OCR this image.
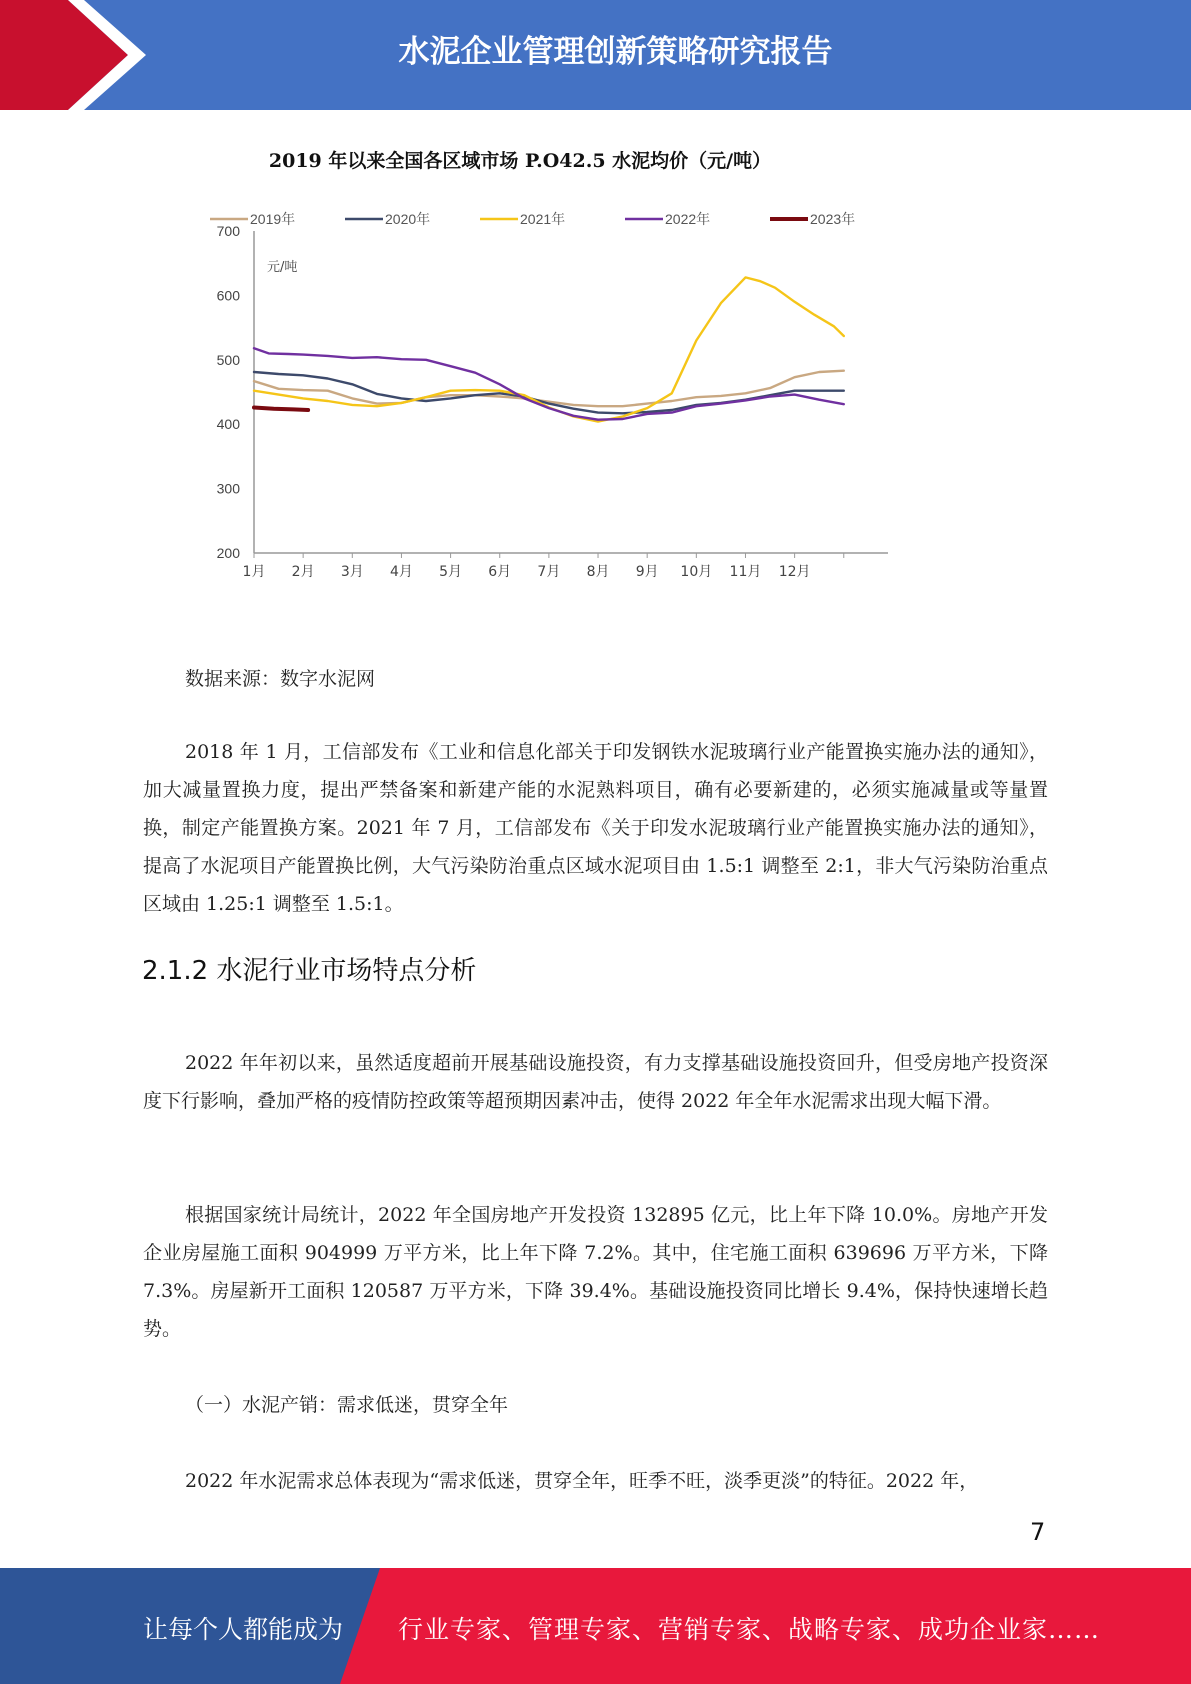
水泥企业管理创新策略研究报告
700
600
500
400
300
200
1月 2月 3月 4月 5月 6月 7月 8月 9月 10月 11月 12月
元/吨
2019年	2020年	2021年	2022年	2023年
2019 年以来全国各区域市场 P.O42.5 水泥均价（元/吨）
数据来源：数字水泥网
2018 年 1 月，工信部发布《工业和信息化部关于印发钢铁水泥玻璃行业产能置换实施办法的通知》，加大减量置换力度，提出严禁备案和新建产能的水泥熟料项目，确有必要新建的，必须实施减量或等量置换，制定产能置换方案。2021 年 7 月，工信部发布《关于印发水泥玻璃行业产能置换实施办法的通知》，提高了水泥项目产能置换比例，大气污染防治重点区域水泥项目由 1.5:1 调整至 2:1，非大气污染防治重点区域由 1.25:1 调整至 1.5:1。
2.1.2 水泥行业市场特点分析
2022 年年初以来，虽然适度超前开展基础设施投资，有力支撑基础设施投资回升，但受房地产投资深度下行影响，叠加严格的疫情防控政策等超预期因素冲击，使得 2022 年全年水泥需求出现大幅下滑。
根据国家统计局统计，2022 年全国房地产开发投资 132895 亿元，比上年下降 10.0%。房地产开发企业房屋施工面积 904999 万平方米，比上年下降 7.2%。其中，住宅施工面积 639696 万平方米，下降 7.3%。房屋新开工面积 120587 万平方米，下降 39.4%。基础设施投资同比增长 9.4%，保持快速增长趋势。
（一）水泥产销：需求低迷，贯穿全年
2022 年水泥需求总体表现为“需求低迷，贯穿全年，旺季不旺，淡季更淡”的特征。2022 年，
7
让每个人都能成为 行业专家、管理专家、营销专家、战略专家、成功企业家……
